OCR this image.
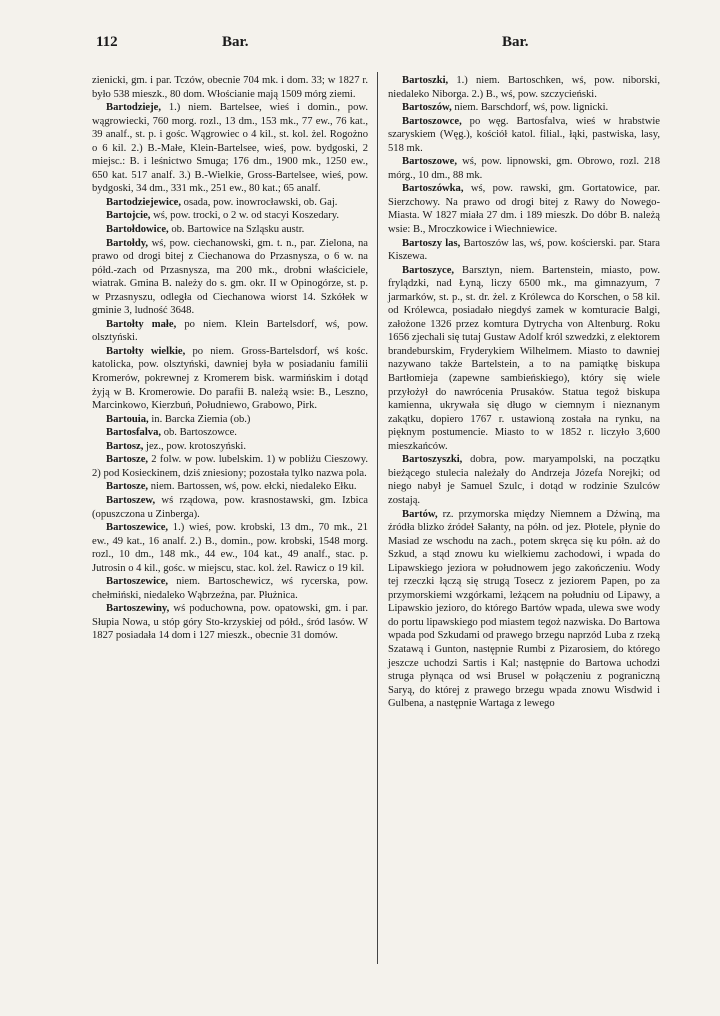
112	Bar.	Bar.

zienicki, gm. i par. Tczów, obecnie 704 mk. i dom. 33; w 1827 r. było 538 mieszk., 80 dom. Włościanie mają 1509 mórg ziemi.

Bartodzieje, 1.) niem. Bartelsee, wieś i domin., pow. wągrowiecki, 760 morg. rozl., 13 dm., 153 mk., 77 ew., 76 kat., 39 analf., st. p. i gośc. Wągrowiec o 4 kil., st. kol. żel. Rogożno o 6 kil. 2.) B.-Małe, Klein-Bartelsee, wieś, pow. bydgoski, 2 miejsc.: B. i leśnictwo Smuga; 176 dm., 1900 mk., 1250 ew., 650 kat. 517 analf. 3.) B.-Wielkie, Gross-Bartelsee, wieś, pow. bydgoski, 34 dm., 331 mk., 251 ew., 80 kat.; 65 analf.

Bartodziejewice, osada, pow. inowrocławski, ob. Gaj.

Bartojcie, wś, pow. trocki, o 2 w. od stacyi Koszedary.

Bartołdowice, ob. Bartowice na Szląsku austr.

Bartołdy, wś, pow. ciechanowski, gm. t. n., par. Zielona, na prawo od drogi bitej z Ciechanowa do Przasnysza, o 6 w. na półd.-zach od Przasnysza, ma 200 mk., drobni właściciele, wiatrak. Gmina B. należy do s. gm. okr. II w Opinogórze, st. p. w Przasnyszu, odległa od Ciechanowa wiorst 14. Szkółek w gminie 3, ludność 3648.

Bartołty małe, po niem. Klein Bartelsdorf, wś, pow. olsztyński.

Bartołty wielkie, po niem. Gross-Bartelsdorf, wś kośc. katolicka, pow. olsztyński, dawniej była w posiadaniu familii Kromerów, pokrewnej z Kromerem bisk. warmińskim i dotąd żyją w B. Kromerowie. Do parafii B. należą wsie: B., Leszno, Marcinkowo, Kierzbuń, Południewo, Grabowo, Pirk.

Bartouia, in. Barcka Ziemia (ob.)

Bartosfalva, ob. Bartoszowce.

Bartosz, jez., pow. krotoszyński.

Bartosze, 2 folw. w pow. lubelskim. 1) w pobliżu Cieszowy. 2) pod Kosieckinem, dziś zniesiony; pozostała tylko nazwa pola.

Bartosze, niem. Bartossen, wś, pow. ełcki, niedaleko Ełku.

Bartoszew, wś rządowa, pow. krasnostawski, gm. Izbica (opuszczona u Zinberga).

Bartoszewice, 1.) wieś, pow. krobski, 13 dm., 70 mk., 21 ew., 49 kat., 16 analf. 2.) B., domin., pow. krobski, 1548 morg. rozl., 10 dm., 148 mk., 44 ew., 104 kat., 49 analf., stac. p. Jutrosin o 4 kil., gośc. w miejscu, stac. kol. żel. Rawicz o 19 kil.

Bartoszewice, niem. Bartoschewicz, wś rycerska, pow. chełmiński, niedaleko Wąbrzeźna, par. Płużnica.

Bartoszewiny, wś poduchowna, pow. opatowski, gm. i par. Słupia Nowa, u stóp góry Sto-krzyskiej od półd., śród lasów. W 1827 posiadała 14 dom i 127 mieszk., obecnie 31 domów.

Bartoszki, 1.) niem. Bartoschken, wś, pow. niborski, niedaleko Niborga. 2.) B., wś, pow. szczycieński.

Bartoszów, niem. Barschdorf, wś, pow. lignicki.

Bartoszowce, po węg. Bartosfalva, wieś w hrabstwie szaryskiem (Węg.), kościół katol. filial., łąki, pastwiska, lasy, 518 mk.

Bartoszowe, wś, pow. lipnowski, gm. Obrowo, rozl. 218 mórg., 10 dm., 88 mk.

Bartoszówka, wś, pow. rawski, gm. Gortatowice, par. Sierzchowy. Na prawo od drogi bitej z Rawy do Nowego-Miasta. W 1827 miała 27 dm. i 189 mieszk. Do dóbr B. należą wsie: B., Mroczkowice i Wiechniewice.

Bartoszy las, Bartoszów las, wś, pow. kościerski. par. Stara Kiszewa.

Bartoszyce, Barsztyn, niem. Bartenstein, miasto, pow. frylądzki, nad Łyną, liczy 6500 mk., ma gimnazyum, 7 jarmarków, st. p., st. dr. żel. z Królewca do Korschen, o 58 kil. od Królewca, posiadało niegdyś zamek w komturacie Balgi, założone 1326 przez komtura Dytrycha von Altenburg. Roku 1656 zjechali się tutaj Gustaw Adolf król szwedzki, z elektorem brandeburskim, Fryderykiem Wilhelmem. Miasto to dawniej nazywano także Bartelstein, a to na pamiątkę biskupa Bartłomieja (zapewne sambieńskiego), który się wiele przyłożył do nawrócenia Prusaków. Statua tegoż biskupa kamienna, ukrywała się długo w ciemnym i nieznanym zakątku, dopiero 1767 r. ustawioną została na rynku, na pięknym postumencie. Miasto to w 1852 r. liczyło 3,600 mieszkańców.

Bartoszyszki, dobra, pow. maryampolski, na początku bieżącego stulecia należały do Andrzeja Józefa Norejki; od niego nabył je Samuel Szulc, i dotąd w rodzinie Szulców zostają.

Bartów, rz. przymorska między Niemnem a Dźwiną, ma źródła blizko źródeł Sałanty, na półn. od jez. Płotele, płynie do Masiad ze wschodu na zach., potem skręca się ku półn. aż do Szkud, a stąd znowu ku wielkiemu zachodowi, i wpada do Lipawskiego jeziora w połudnowem jego zakończeniu. Wody tej rzeczki łączą się strugą Tosecz z jeziorem Papen, po za przymorskiemi wzgórkami, leżącem na południu od Lipawy, a Lipawskio jezioro, do którego Bartów wpada, ulewa swe wody do portu lipawskiego pod miastem tegoż nazwiska. Do Bartowa wpada pod Szkudami od prawego brzegu naprzód Luba z rzeką Szatawą i Gunton, następnie Rumbi z Pizarosiem, do którego jeszcze uchodzi Sartis i Kal; następnie do Bartowa uchodzi struga płynąca od wsi Brusel w połączeniu z pograniczną Saryą, do której z prawego brzegu wpada znowu Wisdwid i Gulbena, a następnie Wartaga z lewego
